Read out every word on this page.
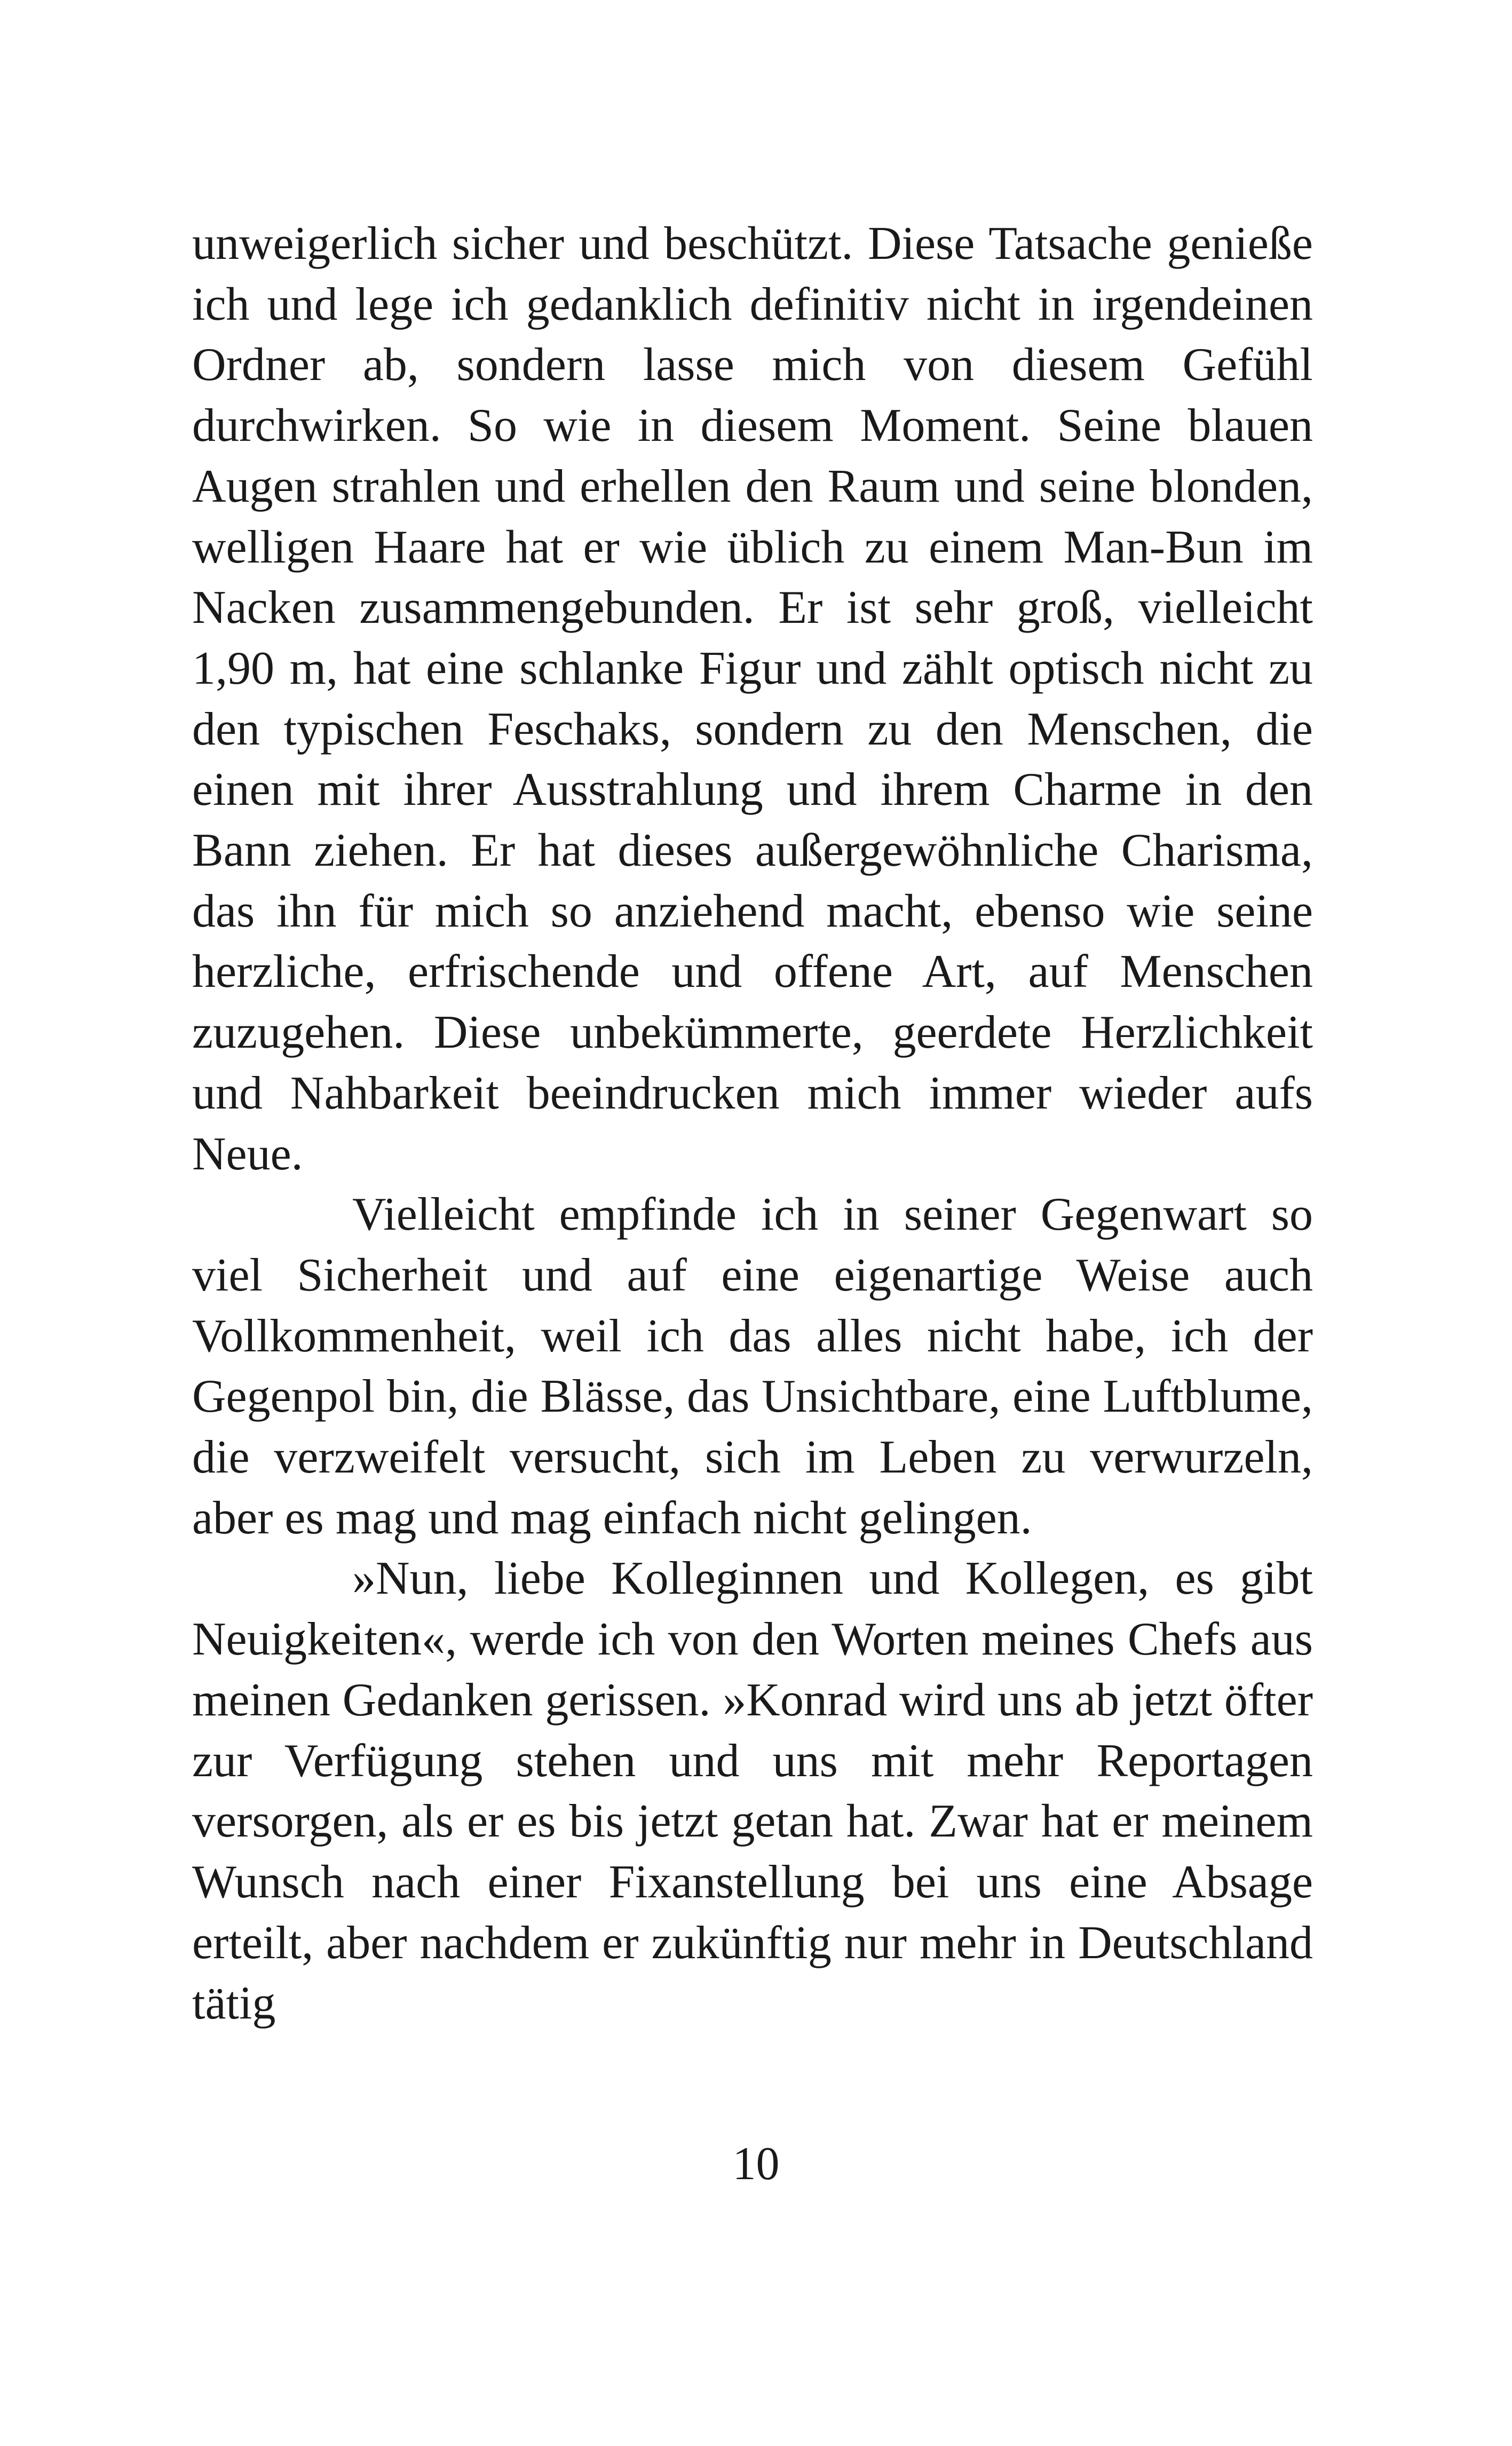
unweigerlich sicher und beschützt. Diese Tatsache genieße ich und lege ich gedanklich definitiv nicht in irgendeinen Ordner ab, sondern lasse mich von diesem Gefühl durchwirken. So wie in diesem Moment. Seine blauen Augen strahlen und erhellen den Raum und seine blonden, welligen Haare hat er wie üblich zu einem Man-Bun im Nacken zusammengebunden. Er ist sehr groß, vielleicht 1,90 m, hat eine schlanke Figur und zählt optisch nicht zu den typischen Feschaks, sondern zu den Menschen, die einen mit ihrer Ausstrahlung und ihrem Charme in den Bann ziehen. Er hat dieses außergewöhnliche Charisma, das ihn für mich so anziehend macht, ebenso wie seine herzliche, erfrischende und offene Art, auf Menschen zuzugehen. Diese unbekümmerte, geerdete Herzlichkeit und Nahbarkeit beeindrucken mich immer wieder aufs Neue.

Vielleicht empfinde ich in seiner Gegenwart so viel Sicherheit und auf eine eigenartige Weise auch Vollkommenheit, weil ich das alles nicht habe, ich der Gegenpol bin, die Blässe, das Unsichtbare, eine Luftblume, die verzweifelt versucht, sich im Leben zu verwurzeln, aber es mag und mag einfach nicht gelingen.

»Nun, liebe Kolleginnen und Kollegen, es gibt Neuigkeiten«, werde ich von den Worten meines Chefs aus meinen Gedanken gerissen. »Konrad wird uns ab jetzt öfter zur Verfügung stehen und uns mit mehr Reportagen versorgen, als er es bis jetzt getan hat. Zwar hat er meinem Wunsch nach einer Fixanstellung bei uns eine Absage erteilt, aber nachdem er zukünftig nur mehr in Deutschland tätig

10
